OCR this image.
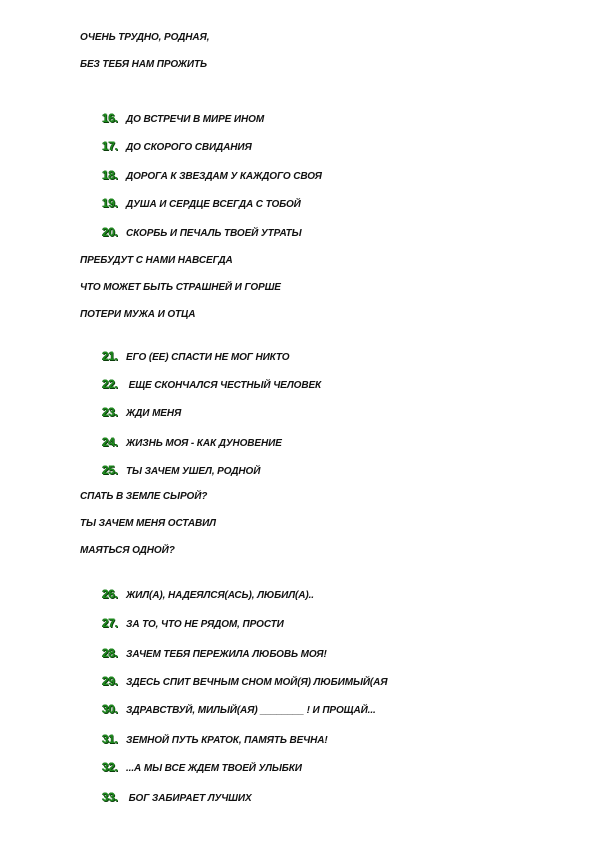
ОЧЕНЬ ТРУДНО, РОДНАЯ,
БЕЗ ТЕБЯ НАМ ПРОЖИТЬ
16. ДО ВСТРЕЧИ В МИРЕ ИНОМ
17. ДО СКОРОГО СВИДАНИЯ
18. ДОРОГА К ЗВЕЗДАМ У КАЖДОГО СВОЯ
19. ДУША И СЕРДЦЕ ВСЕГДА С ТОБОЙ
20. СКОРБЬ И ПЕЧАЛЬ ТВОЕЙ УТРАТЫ
ПРЕБУДУТ С НАМИ НАВСЕГДА
ЧТО МОЖЕТ БЫТЬ СТРАШНЕЙ И ГОРШЕ
ПОТЕРИ МУЖА И ОТЦА
21. ЕГО (ЕЕ) СПАСТИ НЕ МОГ НИКТО
22. ЕЩЕ СКОНЧАЛСЯ ЧЕСТНЫЙ ЧЕЛОВЕК
23. ЖДИ МЕНЯ
24. ЖИЗНЬ МОЯ - КАК ДУНОВЕНИЕ
25. ТЫ ЗАЧЕМ УШЕЛ, РОДНОЙ
СПАТЬ В ЗЕМЛЕ СЫРОЙ?
ТЫ ЗАЧЕМ МЕНЯ ОСТАВИЛ
МАЯТЬСЯ ОДНОЙ?
26. ЖИЛ(А), НАДЕЯЛСЯ(АСЬ), ЛЮБИЛ(А)..
27. ЗА ТО, ЧТО НЕ РЯДОМ, ПРОСТИ
28. ЗАЧЕМ ТЕБЯ ПЕРЕЖИЛА ЛЮБОВЬ МОЯ!
29. ЗДЕСЬ СПИТ ВЕЧНЫМ СНОМ МОЙ(Я) ЛЮБИМЫЙ(АЯ
30. ЗДРАВСТВУЙ, МИЛЫЙ(АЯ) ________ ! И ПРОЩАЙ...
31. ЗЕМНОЙ ПУТЬ КРАТОК, ПАМЯТЬ ВЕЧНА!
32. ...А МЫ ВСЕ ЖДЕМ ТВОЕЙ УЛЫБКИ
33. БОГ ЗАБИРАЕТ ЛУЧШИХ
